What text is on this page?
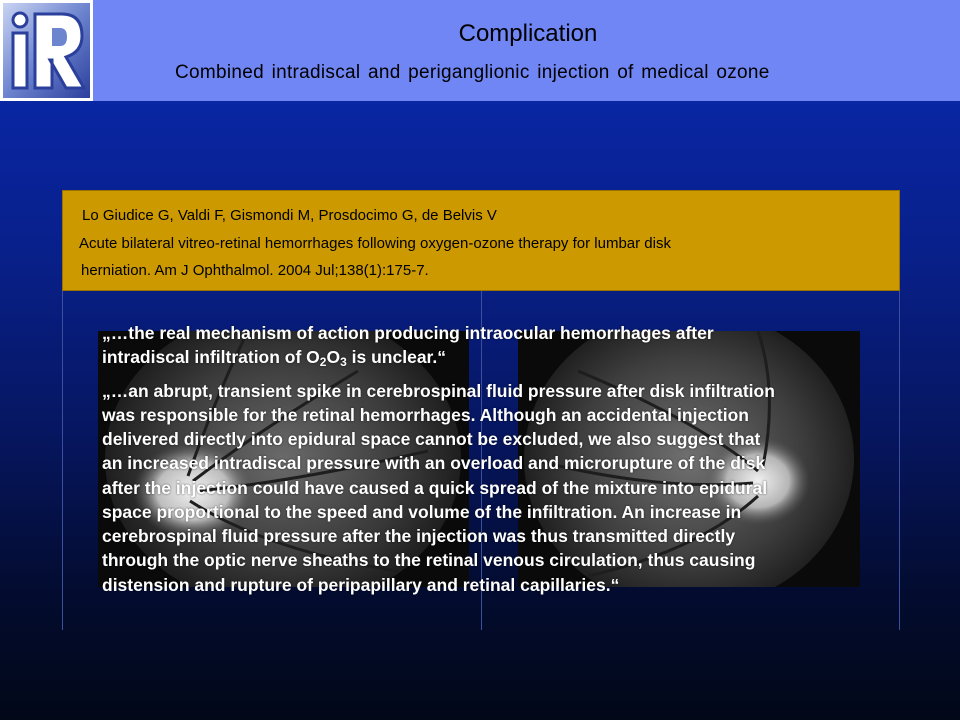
Complication
Combined intradiscal and periganglionic injection of medical ozone
Lo Giudice G, Valdi F, Gismondi M, Prosdocimo G, de Belvis V
Acute bilateral vitreo-retinal hemorrhages following oxygen-ozone therapy for lumbar disk
herniation. Am J Ophthalmol. 2004 Jul;138(1):175-7.
„…the real mechanism of action producing intraocular hemorrhages after
intradiscal infiltration of $O_2O_3$ is unclear.“
„…an abrupt, transient spike in cerebrospinal fluid pressure after disk infiltration
was responsible for the retinal hemorrhages. Although an accidental injection
delivered directly into epidural space cannot be excluded, we also suggest that
an increased intradiscal pressure with an overload and microrupture of the disk
after the injection could have caused a quick spread of the mixture into epidural
space proportional to the speed and volume of the infiltration. An increase in
cerebrospinal fluid pressure after the injection was thus transmitted directly
through the optic nerve sheaths to the retinal venous circulation, thus causing
distension and rupture of peripapillary and retinal capillaries.“
